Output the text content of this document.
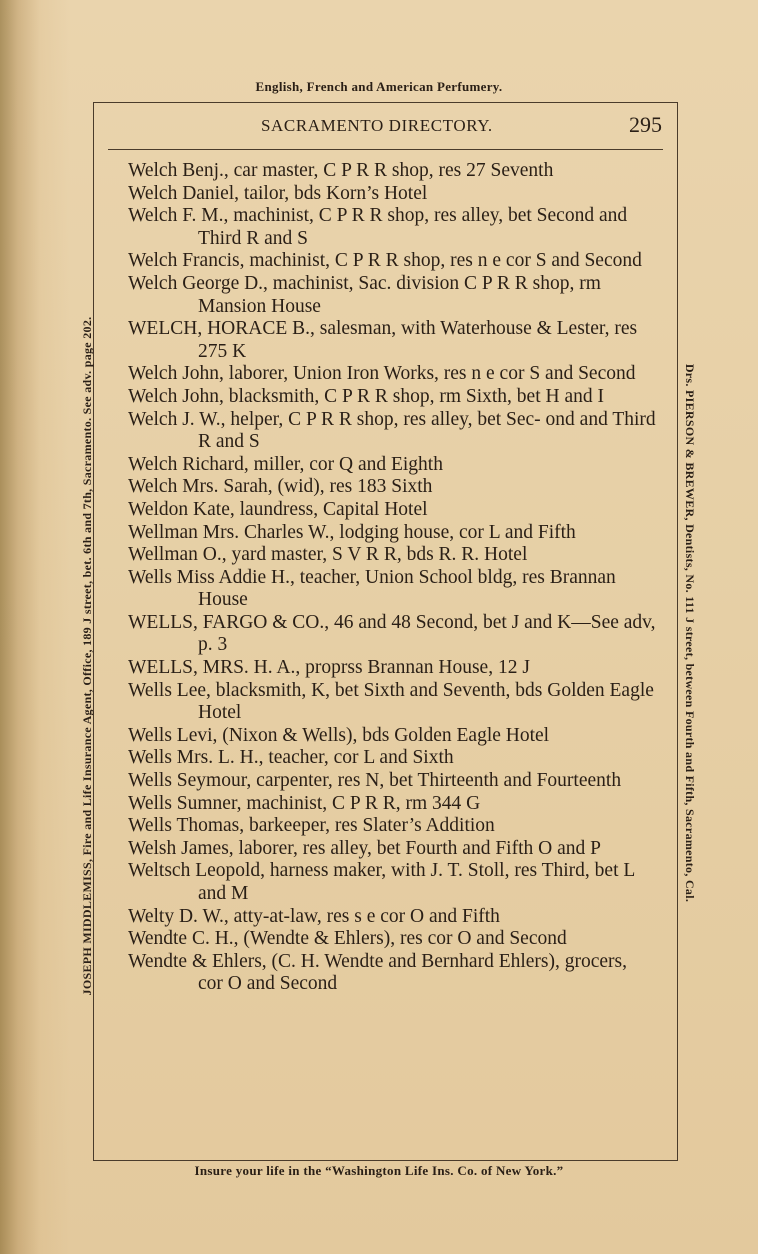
English, French and American Perfumery.
SACRAMENTO DIRECTORY.	295
JOSEPH MIDDLEMISS, Fire and Life Insurance Agent, Office, 189 J street, bet. 6th and 7th, Sacramento. See adv. page 202.	Drs. PIERSON & BREWER, Dentists, No. 111 J street, between Fourth and Fifth, Sacramento, Cal.

Welch Benj., car master, C P R R shop, res 27 Seventh

Welch Daniel, tailor, bds Korn’s Hotel

Welch F. M., machinist, C P R R shop, res alley, bet Second and Third R and S

Welch Francis, machinist, C P R R shop, res n e cor S and Second

Welch George D., machinist, Sac. division C P R R shop, rm Mansion House

WELCH, HORACE B., salesman, with Waterhouse & Lester, res 275 K

Welch John, laborer, Union Iron Works, res n e cor S and Second

Welch John, blacksmith, C P R R shop, rm Sixth, bet H and I

Welch J. W., helper, C P R R shop, res alley, bet Sec- ond and Third R and S

Welch Richard, miller, cor Q and Eighth

Welch Mrs. Sarah, (wid), res 183 Sixth

Weldon Kate, laundress, Capital Hotel

Wellman Mrs. Charles W., lodging house, cor L and Fifth

Wellman O., yard master, S V R R, bds R. R. Hotel

Wells Miss Addie H., teacher, Union School bldg, res Brannan House

WELLS, FARGO & CO., 46 and 48 Second, bet J and K—See adv, p. 3

WELLS, MRS. H. A., proprss Brannan House, 12 J

Wells Lee, blacksmith, K, bet Sixth and Seventh, bds Golden Eagle Hotel

Wells Levi, (Nixon & Wells), bds Golden Eagle Hotel

Wells Mrs. L. H., teacher, cor L and Sixth

Wells Seymour, carpenter, res N, bet Thirteenth and Fourteenth

Wells Sumner, machinist, C P R R, rm 344 G

Wells Thomas, barkeeper, res Slater’s Addition

Welsh James, laborer, res alley, bet Fourth and Fifth O and P

Weltsch Leopold, harness maker, with J. T. Stoll, res Third, bet L and M

Welty D. W., atty-at-law, res s e cor O and Fifth

Wendte C. H., (Wendte & Ehlers), res cor O and Second

Wendte & Ehlers, (C. H. Wendte and Bernhard Ehlers), grocers, cor O and Second

Insure your life in the “Washington Life Ins. Co. of New York.”
